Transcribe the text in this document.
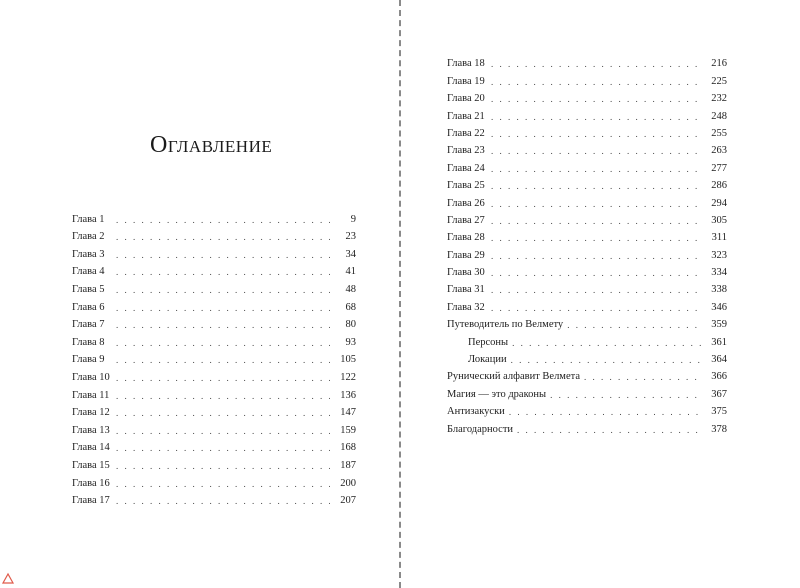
Оглавление
Глава 1 . . .	9
Глава 2 . . .	23
Глава 3 . . .	34
Глава 4 . . .	41
Глава 5 . . .	48
Глава 6 . . .	68
Глава 7 . . .	80
Глава 8 . . .	93
Глава 9 . . .	105
Глава 10 . . .	122
Глава 11 . . .	136
Глава 12 . . .	147
Глава 13 . . .	159
Глава 14 . . .	168
Глава 15 . . .	187
Глава 16 . . .	200
Глава 17 . . .	207
Глава 18 . . .	216
Глава 19 . . .	225
Глава 20 . . .	232
Глава 21 . . .	248
Глава 22 . . .	255
Глава 23 . . .	263
Глава 24 . . .	277
Глава 25 . . .	286
Глава 26 . . .	294
Глава 27 . . .	305
Глава 28 . . .	311
Глава 29 . . .	323
Глава 30 . . .	334
Глава 31 . . .	338
Глава 32 . . .	346
Путеводитель по Велмету . . .	359
Персоны . . .	361
Локации . . .	364
Рунический алфавит Велмета . . .	366
Магия — это драконы . . .	367
Антизакуски . . .	375
Благодарности . . .	378
